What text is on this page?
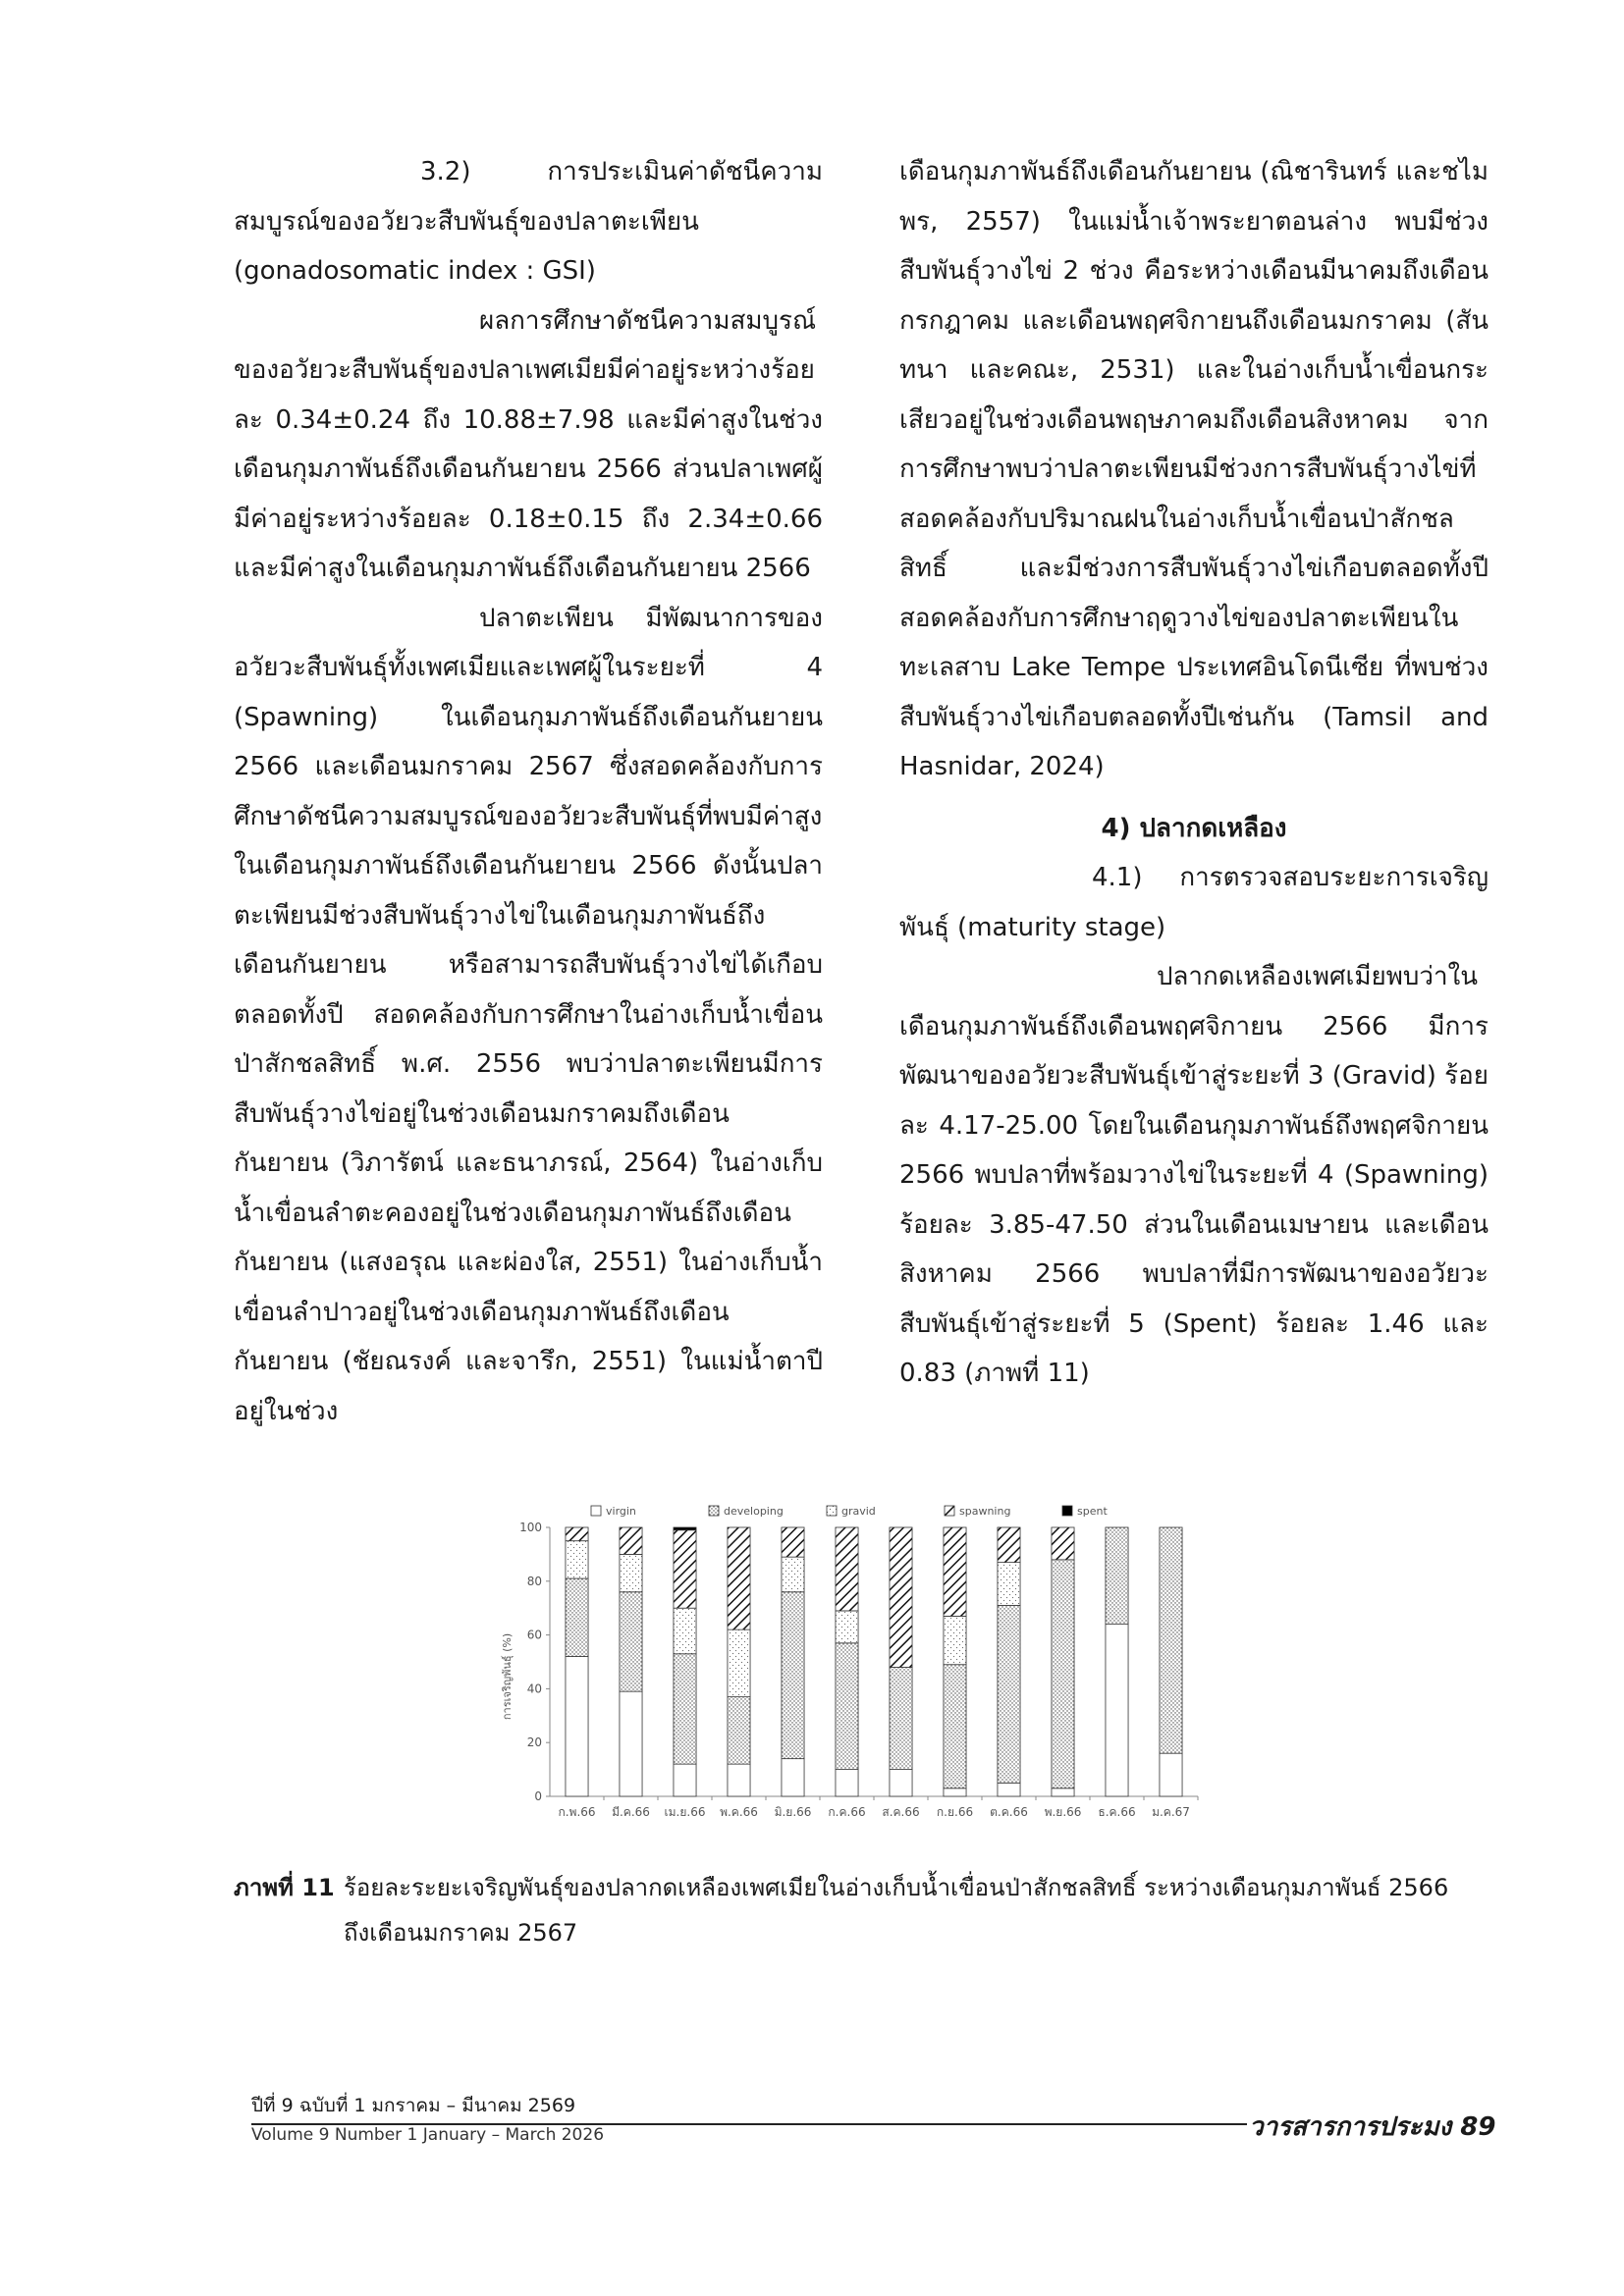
3.2) การประเมินค่าดัชนีความสมบูรณ์ของอวัยวะสืบพันธุ์ของปลาตะเพียน (gonadosomatic index : GSI)

ผลการศึกษาดัชนีความสมบูรณ์ของอวัยวะสืบพันธุ์ของปลาเพศเมียมีค่าอยู่ระหว่างร้อยละ 0.34±0.24 ถึง 10.88±7.98 และมีค่าสูงในช่วงเดือนกุมภาพันธ์ถึงเดือนกันยายน 2566 ส่วนปลาเพศผู้มีค่าอยู่ระหว่างร้อยละ 0.18±0.15 ถึง 2.34±0.66 และมีค่าสูงในเดือนกุมภาพันธ์ถึงเดือนกันยายน 2566

ปลาตะเพียน มีพัฒนาการของอวัยวะสืบพันธุ์ทั้งเพศเมียและเพศผู้ในระยะที่ 4 (Spawning) ในเดือนกุมภาพันธ์ถึงเดือนกันยายน 2566 และเดือนมกราคม 2567 ซึ่งสอดคล้องกับการศึกษาดัชนีความสมบูรณ์ของอวัยวะสืบพันธุ์ที่พบมีค่าสูงในเดือนกุมภาพันธ์ถึงเดือนกันยายน 2566 ดังนั้นปลาตะเพียนมีช่วงสืบพันธุ์วางไข่ในเดือนกุมภาพันธ์ถึงเดือนกันยายน หรือสามารถสืบพันธุ์วางไข่ได้เกือบตลอดทั้งปี สอดคล้องกับการศึกษาในอ่างเก็บน้ำเขื่อนป่าสักชลสิทธิ์ พ.ศ. 2556 พบว่าปลาตะเพียนมีการสืบพันธุ์วางไข่อยู่ในช่วงเดือนมกราคมถึงเดือนกันยายน (วิภารัตน์ และธนาภรณ์, 2564) ในอ่างเก็บน้ำเขื่อนลำตะคองอยู่ในช่วงเดือนกุมภาพันธ์ถึงเดือนกันยายน (แสงอรุณ และผ่องใส, 2551) ในอ่างเก็บน้ำเขื่อนลำปาวอยู่ในช่วงเดือนกุมภาพันธ์ถึงเดือนกันยายน (ชัยณรงค์ และจารึก, 2551) ในแม่น้ำตาปีอยู่ในช่วง

เดือนกุมภาพันธ์ถึงเดือนกันยายน (ณิชารินทร์ และชไมพร, 2557) ในแม่น้ำเจ้าพระยาตอนล่าง พบมีช่วงสืบพันธุ์วางไข่ 2 ช่วง คือระหว่างเดือนมีนาคมถึงเดือนกรกฎาคม และเดือนพฤศจิกายนถึงเดือนมกราคม (สันทนา และคณะ, 2531) และในอ่างเก็บน้ำเขื่อนกระเสียวอยู่ในช่วงเดือนพฤษภาคมถึงเดือนสิงหาคม จากการศึกษาพบว่าปลาตะเพียนมีช่วงการสืบพันธุ์วางไข่ที่สอดคล้องกับปริมาณฝนในอ่างเก็บน้ำเขื่อนป่าสักชลสิทธิ์ และมีช่วงการสืบพันธุ์วางไข่เกือบตลอดทั้งปี สอดคล้องกับการศึกษาฤดูวางไข่ของปลาตะเพียนในทะเลสาบ Lake Tempe ประเทศอินโดนีเซีย ที่พบช่วงสืบพันธุ์วางไข่เกือบตลอดทั้งปีเช่นกัน (Tamsil and Hasnidar, 2024)

4) ปลากดเหลือง

4.1) การตรวจสอบระยะการเจริญพันธุ์ (maturity stage)

ปลากดเหลืองเพศเมียพบว่าในเดือนกุมภาพันธ์ถึงเดือนพฤศจิกายน 2566 มีการพัฒนาของอวัยวะสืบพันธุ์เข้าสู่ระยะที่ 3 (Gravid) ร้อยละ 4.17-25.00 โดยในเดือนกุมภาพันธ์ถึงพฤศจิกายน 2566 พบปลาที่พร้อมวางไข่ในระยะที่ 4 (Spawning) ร้อยละ 3.85-47.50 ส่วนในเดือนเมษายน และเดือนสิงหาคม 2566 พบปลาที่มีการพัฒนาของอวัยวะสืบพันธุ์เข้าสู่ระยะที่ 5 (Spent) ร้อยละ 1.46 และ 0.83 (ภาพที่ 11)

virgin	developing	gravid	spawning	spent
0
20
40
60
80
100
ก.พ.66 มี.ค.66 เม.ย.66 พ.ค.66 มิ.ย.66 ก.ค.66 ส.ค.66 ก.ย.66 ต.ค.66 พ.ย.66 ธ.ค.66 ม.ค.67
การเจริญพันธุ์ (%)
ภาพที่ 11 ร้อยละระยะเจริญพันธุ์ของปลากดเหลืองเพศเมียในอ่างเก็บน้ำเขื่อนป่าสักชลสิทธิ์ ระหว่างเดือนกุมภาพันธ์ 2566
ถึงเดือนมกราคม 2567
ปีที่ 9 ฉบับที่ 1 มกราคม – มีนาคม 2569
Volume 9 Number 1 January – March 2026	วารสารการประมง 89
